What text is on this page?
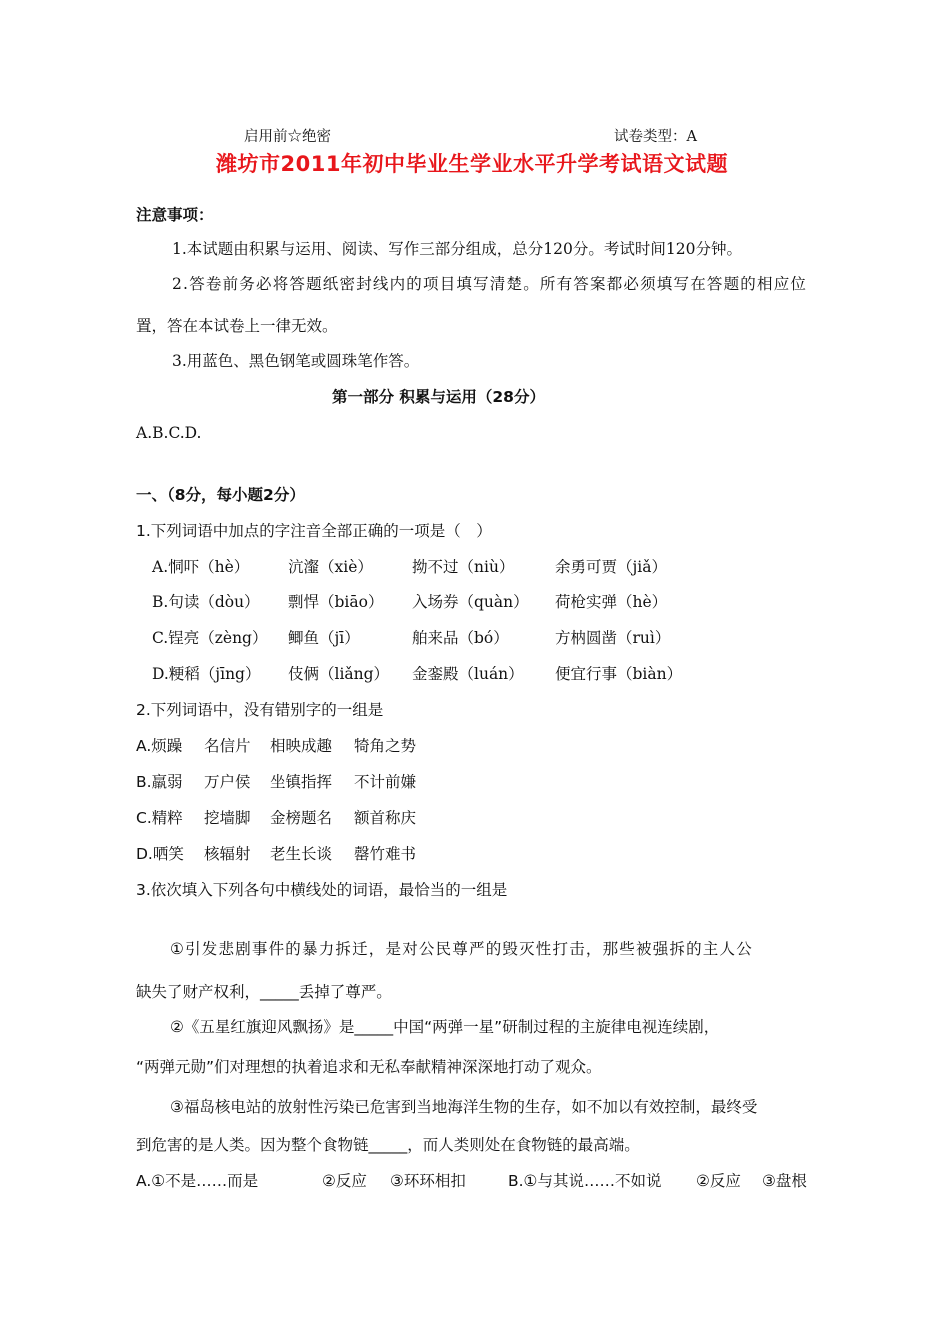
启用前☆绝密	试卷类型：A
潍坊市2011年初中毕业生学业水平升学考试语文试题
注意事项：
1.本试题由积累与运用、阅读、写作三部分组成，总分120分。考试时间120分钟。
2.答卷前务必将答题纸密封线内的项目填写清楚。所有答案都必须填写在答题的相应位
置，答在本试卷上一律无效。
3.用蓝色、黑色钢笔或圆珠笔作答。
第一部分 积累与运用（28分）
A.B.C.D.
一、（8分，每小题2分）
1.下列词语中加点的字注音全部正确的一项是（　）
A.恫吓（hè） 沆瀣（xiè）	拗不过（niù）	余勇可贾（jiǎ）
B.句读（dòu） 剽悍（biāo） 入场券（quàn） 荷枪实弹（hè）
C.锃亮（zèng） 鲫鱼（jī）	舶来品（bó）	方枘圆凿（ruì）
D.粳稻（jīng） 伎俩（liǎng） 金銮殿（luán） 便宜行事（biàn）
2.下列词语中，没有错别字的一组是
A.烦躁 名信片 相映成趣 犄角之势
B.羸弱 万户侯 坐镇指挥 不计前嫌
C.精粹 挖墙脚 金榜题名 额首称庆
D.哂笑 核辐射 老生长谈 罄竹难书
3.依次填入下列各句中横线处的词语，最恰当的一组是
①引发悲剧事件的暴力拆迁，是对公民尊严的毁灭性打击，那些被强拆的主人公
缺失了财产权利，_____丢掉了尊严。
②《五星红旗迎风飘扬》是_____中国“两弹一星”研制过程的主旋律电视连续剧，
“两弹元勋”们对理想的执着追求和无私奉献精神深深地打动了观众。
③福岛核电站的放射性污染已危害到当地海洋生物的生存，如不加以有效控制，最终受
到危害的是人类。因为整个食物链_____，而人类则处在食物链的最高端。
A.①不是……而是	②反应 ③环环相扣	B.①与其说……不如说 ②反应 ③盘根
